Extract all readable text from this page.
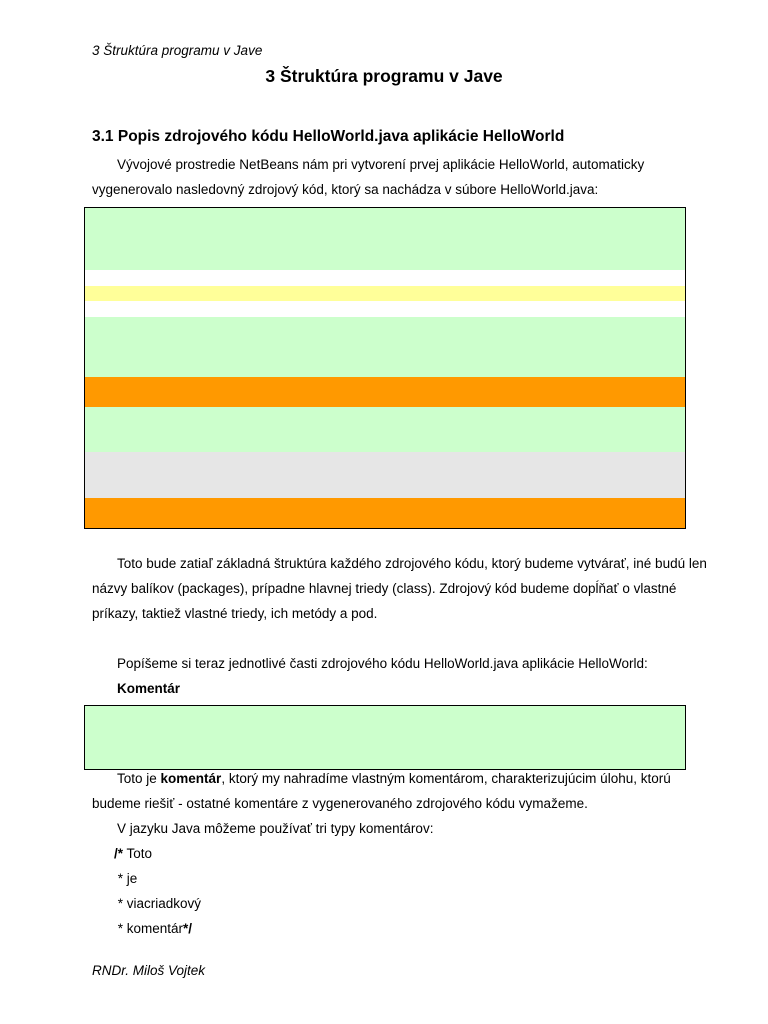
3 Štruktúra programu v Jave
3 Štruktúra programu v Jave
3.1 Popis zdrojového kódu HelloWorld.java aplikácie HelloWorld
Vývojové prostredie NetBeans nám pri vytvorení prvej aplikácie HelloWorld, automaticky
vygenerovalo nasledovný zdrojový kód, ktorý sa nachádza v súbore HelloWorld.java:
Toto bude zatiaľ základná štruktúra každého zdrojového kódu, ktorý budeme vytvárať, iné budú len
názvy balíkov (packages), prípadne hlavnej triedy (class). Zdrojový kód budeme dopĺňať o vlastné
príkazy, taktiež vlastné triedy, ich metódy a pod.
Popíšeme si teraz jednotlivé časti zdrojového kódu HelloWorld.java aplikácie HelloWorld:
Komentár
Toto je komentár, ktorý my nahradíme vlastným komentárom, charakterizujúcim úlohu, ktorú
budeme riešiť - ostatné komentáre z vygenerovaného zdrojového kódu vymažeme.
V jazyku Java môžeme používať tri typy komentárov:
/* Toto
* je
* viacriadkový
* komentár*/
RNDr. Miloš Vojtek
